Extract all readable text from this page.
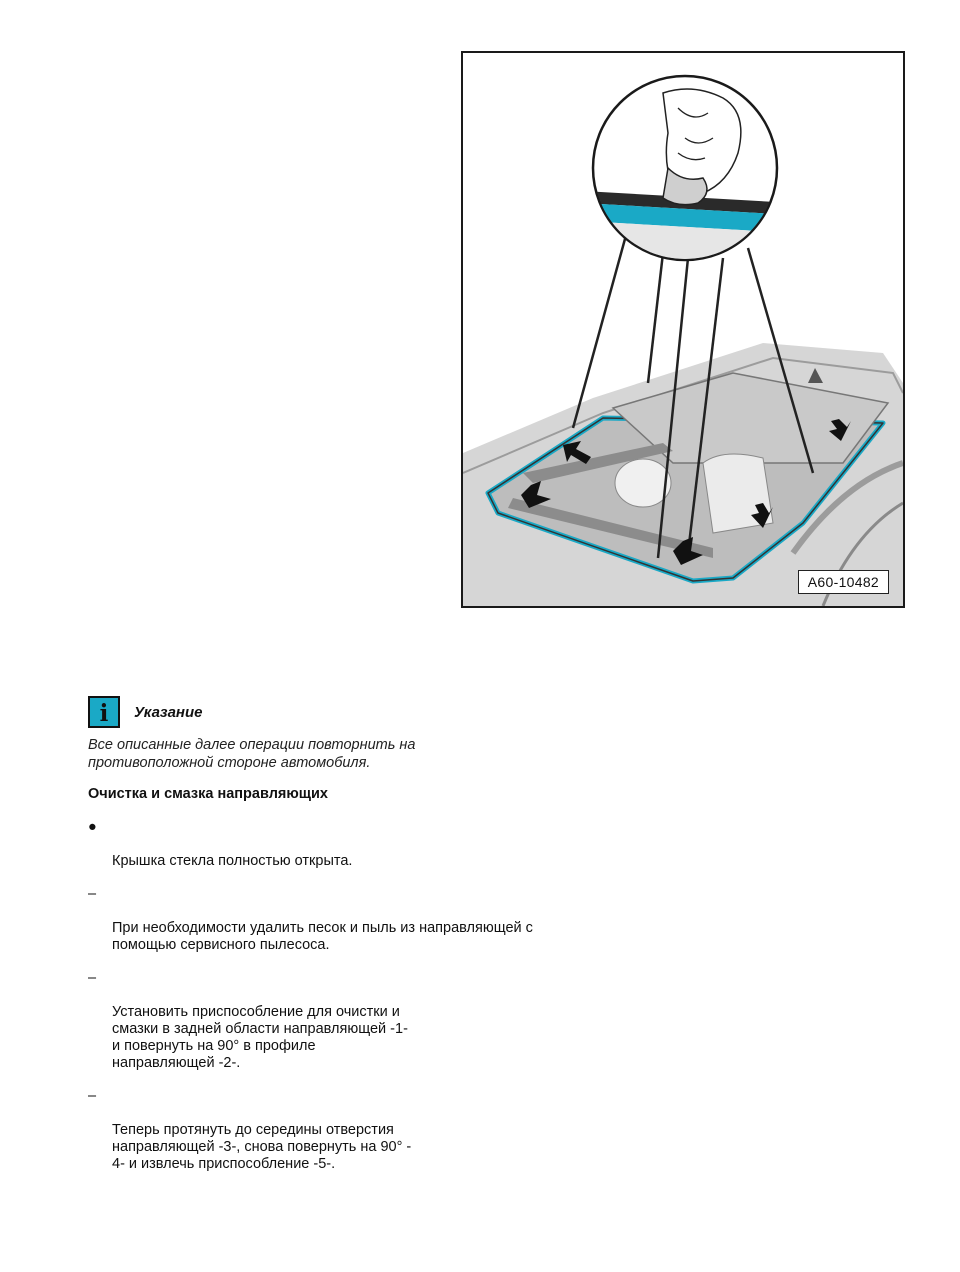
A60-10482
i	Указание
Все описанные далее операции повторнить на противоположной стороне автомобиля.
Очистка и смазка направляющих

●

Крышка стекла полностью открыта.

–

При необходимости удалить песок и пыль из направляющей с
помощью сервисного пылесоса.

–

Установить приспособление для очистки и
смазки в задней области направляющей -1-
и повернуть на 90° в профиле
направляющей -2-.

–

Теперь протянуть до середины отверстия
направляющей -3-, снова повернуть на 90° -
4- и извлечь приспособление -5-.
